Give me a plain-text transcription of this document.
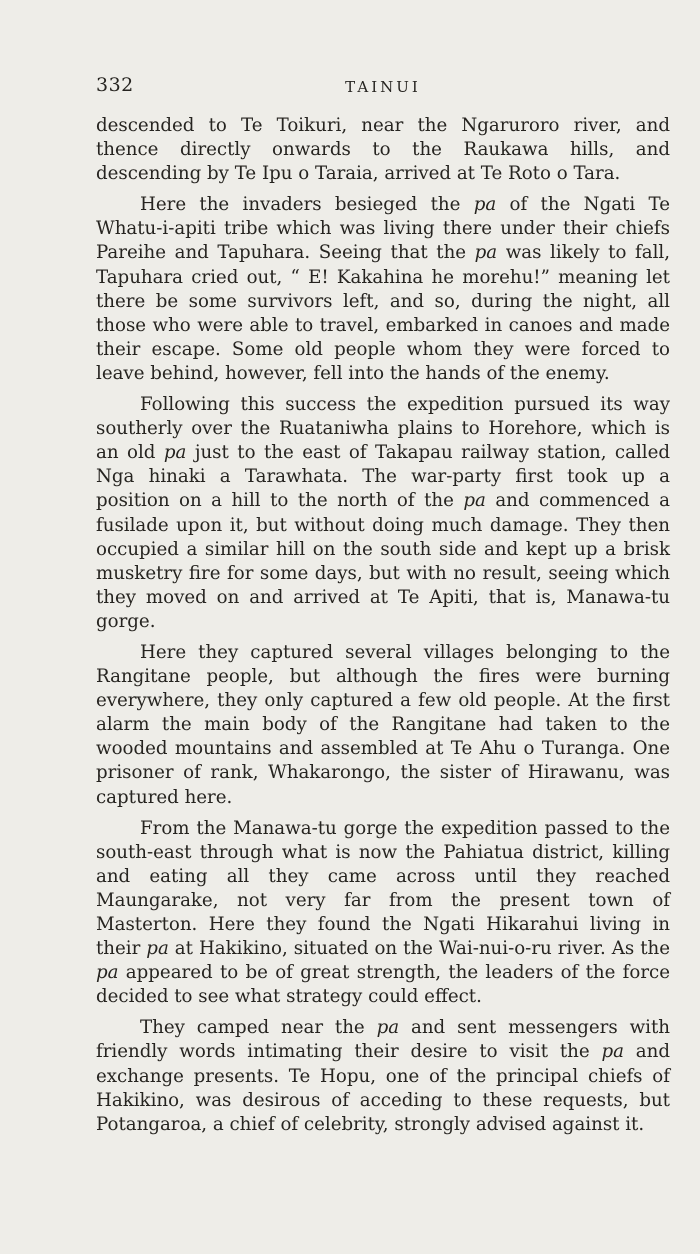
332	TAINUI

descended to Te Toikuri, near the Ngaruroro river, and thence directly onwards to the Raukawa hills, and descending by Te Ipu o Taraia, arrived at Te Roto o Tara.

Here the invaders besieged the pa of the Ngati Te Whatu-i-apiti tribe which was living there under their chiefs Pareihe and Tapuhara. Seeing that the pa was likely to fall, Tapuhara cried out, “ E! Kakahina he morehu!” meaning let there be some survivors left, and so, during the night, all those who were able to travel, embarked in canoes and made their escape. Some old people whom they were forced to leave behind, however, fell into the hands of the enemy.

Following this success the expedition pursued its way southerly over the Ruataniwha plains to Horehore, which is an old pa just to the east of Takapau railway station, called Nga hinaki a Tarawhata. The war-party first took up a position on a hill to the north of the pa and commenced a fusilade upon it, but without doing much damage. They then occupied a similar hill on the south side and kept up a brisk musketry fire for some days, but with no result, seeing which they moved on and arrived at Te Apiti, that is, Manawa-tu gorge.

Here they captured several villages belonging to the Rangitane people, but although the fires were burning everywhere, they only captured a few old people. At the first alarm the main body of the Rangitane had taken to the wooded mountains and assembled at Te Ahu o Turanga. One prisoner of rank, Whakarongo, the sister of Hirawanu, was captured here.

From the Manawa-tu gorge the expedition passed to the south-east through what is now the Pahiatua district, killing and eating all they came across until they reached Maungarake, not very far from the present town of Masterton. Here they found the Ngati Hikarahui living in their pa at Hakikino, situated on the Wai-nui-o-ru river. As the pa appeared to be of great strength, the leaders of the force decided to see what strategy could effect.

They camped near the pa and sent messengers with friendly words intimating their desire to visit the pa and exchange presents. Te Hopu, one of the principal chiefs of Hakikino, was desirous of acceding to these requests, but Potangaroa, a chief of celebrity, strongly advised against it.
